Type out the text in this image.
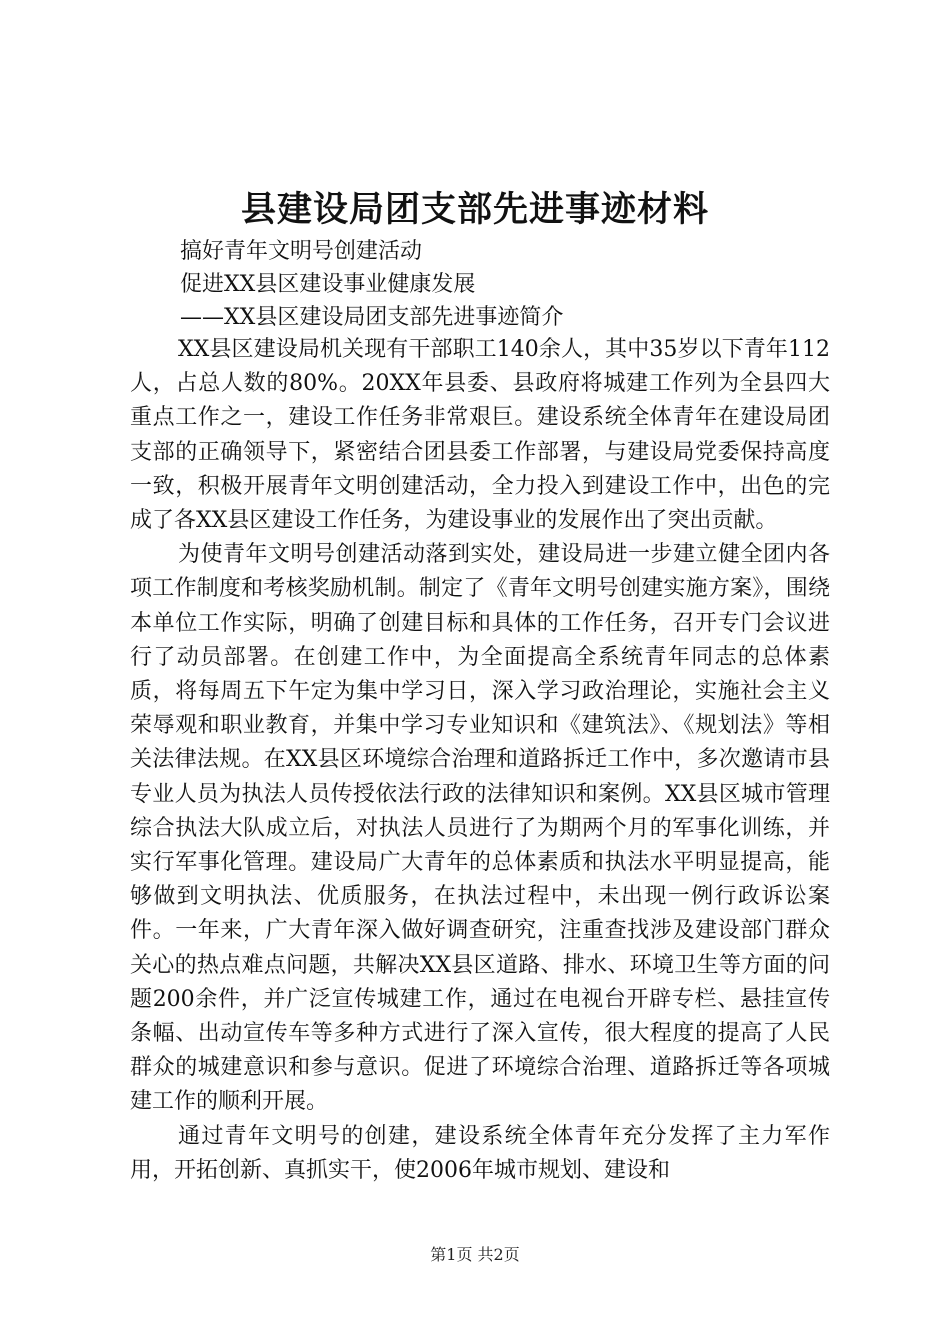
县建设局团支部先进事迹材料
搞好青年文明号创建活动
促进XX县区建设事业健康发展
——XX县区建设局团支部先进事迹简介

XX县区建设局机关现有干部职工140余人，其中35岁以下青年112人，占总人数的80%。20XX年县委、县政府将城建工作列为全县四大重点工作之一，建设工作任务非常艰巨。建设系统全体青年在建设局团支部的正确领导下，紧密结合团县委工作部署，与建设局党委保持高度一致，积极开展青年文明创建活动，全力投入到建设工作中，出色的完成了各XX县区建设工作任务，为建设事业的发展作出了突出贡献。

为使青年文明号创建活动落到实处，建设局进一步建立健全团内各项工作制度和考核奖励机制。制定了《青年文明号创建实施方案》，围绕本单位工作实际，明确了创建目标和具体的工作任务，召开专门会议进行了动员部署。在创建工作中，为全面提高全系统青年同志的总体素质，将每周五下午定为集中学习日，深入学习政治理论，实施社会主义荣辱观和职业教育，并集中学习专业知识和《建筑法》、《规划法》等相关法律法规。在XX县区环境综合治理和道路拆迁工作中，多次邀请市县专业人员为执法人员传授依法行政的法律知识和案例。XX县区城市管理综合执法大队成立后，对执法人员进行了为期两个月的军事化训练，并实行军事化管理。建设局广大青年的总体素质和执法水平明显提高，能够做到文明执法、优质服务，在执法过程中，未出现一例行政诉讼案件。一年来，广大青年深入做好调查研究，注重查找涉及建设部门群众关心的热点难点问题，共解决XX县区道路、排水、环境卫生等方面的问题200余件，并广泛宣传城建工作，通过在电视台开辟专栏、悬挂宣传条幅、出动宣传车等多种方式进行了深入宣传，很大程度的提高了人民群众的城建意识和参与意识。促进了环境综合治理、道路拆迁等各项城建工作的顺利开展。

通过青年文明号的创建，建设系统全体青年充分发挥了主力军作用，开拓创新、真抓实干，使2006年城市规划、建设和

第1页 共2页
